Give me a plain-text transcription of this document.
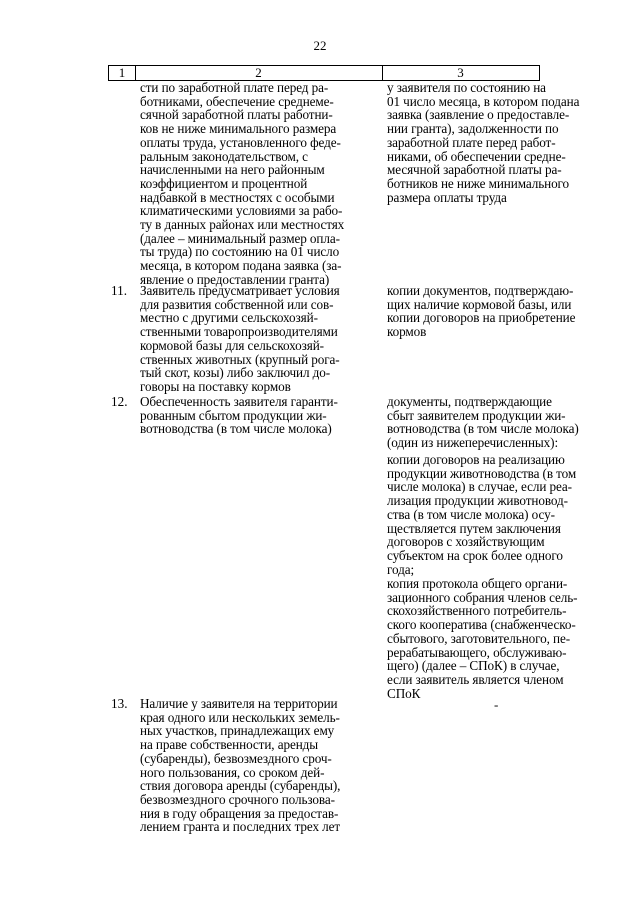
22
1	2	3
сти по заработной плате перед ра-
ботниками, обеспечение среднеме-
сячной заработной платы работни-
ков не ниже минимального размера
оплаты труда, установленного феде-
ральным законодательством, с
начисленными на него районным
коэффициентом и процентной
надбавкой в местностях с особыми
климатическими условиями за рабо-
ту в данных районах или местностях
(далее – минимальный размер опла-
ты труда) по состоянию на 01 число
месяца, в котором подана заявка (за-
явление о предоставлении гранта)
у заявителя по состоянию на
01 число месяца, в котором подана
заявка (заявление о предоставле-
нии гранта), задолженности по
заработной плате перед работ-
никами, об обеспечении средне-
месячной заработной платы ра-
ботников не ниже минимального
размера оплаты труда
11. Заявитель предусматривает условия
для развития собственной или сов-
местно с другими сельскохозяй-
ственными товаропроизводителями
кормовой базы для сельскохозяй-
ственных животных (крупный рога-
тый скот, козы) либо заключил до-
говоры на поставку кормов
копии документов, подтверждаю-
щих наличие кормовой базы, или
копии договоров на приобретение
кормов
12. Обеспеченность заявителя гаранти-
рованным сбытом продукции жи-
вотноводства (в том числе молока)
документы, подтверждающие
сбыт заявителем продукции жи-
вотноводства (в том числе молока)
(один из нижеперечисленных):
копии договоров на реализацию
продукции животноводства (в том
числе молока) в случае, если реа-
лизация продукции животновод-
ства (в том числе молока) осу-
ществляется путем заключения
договоров с хозяйствующим
субъектом на срок более одного
года;
копия протокола общего органи-
зационного собрания членов сель-
скохозяйственного потребитель-
ского кооператива (снабженческо-
сбытового, заготовительного, пе-
рерабатывающего, обслуживаю-
щего) (далее – СПоК) в случае,
если заявитель является членом
СПоК
13. Наличие у заявителя на территории
края одного или нескольких земель-
ных участков, принадлежащих ему
на праве собственности, аренды
(субаренды), безвозмездного сроч-
ного пользования, со сроком дей-
ствия договора аренды (субаренды),
безвозмездного срочного пользова-
ния в году обращения за предостав-
лением гранта и последних трех лет
-
